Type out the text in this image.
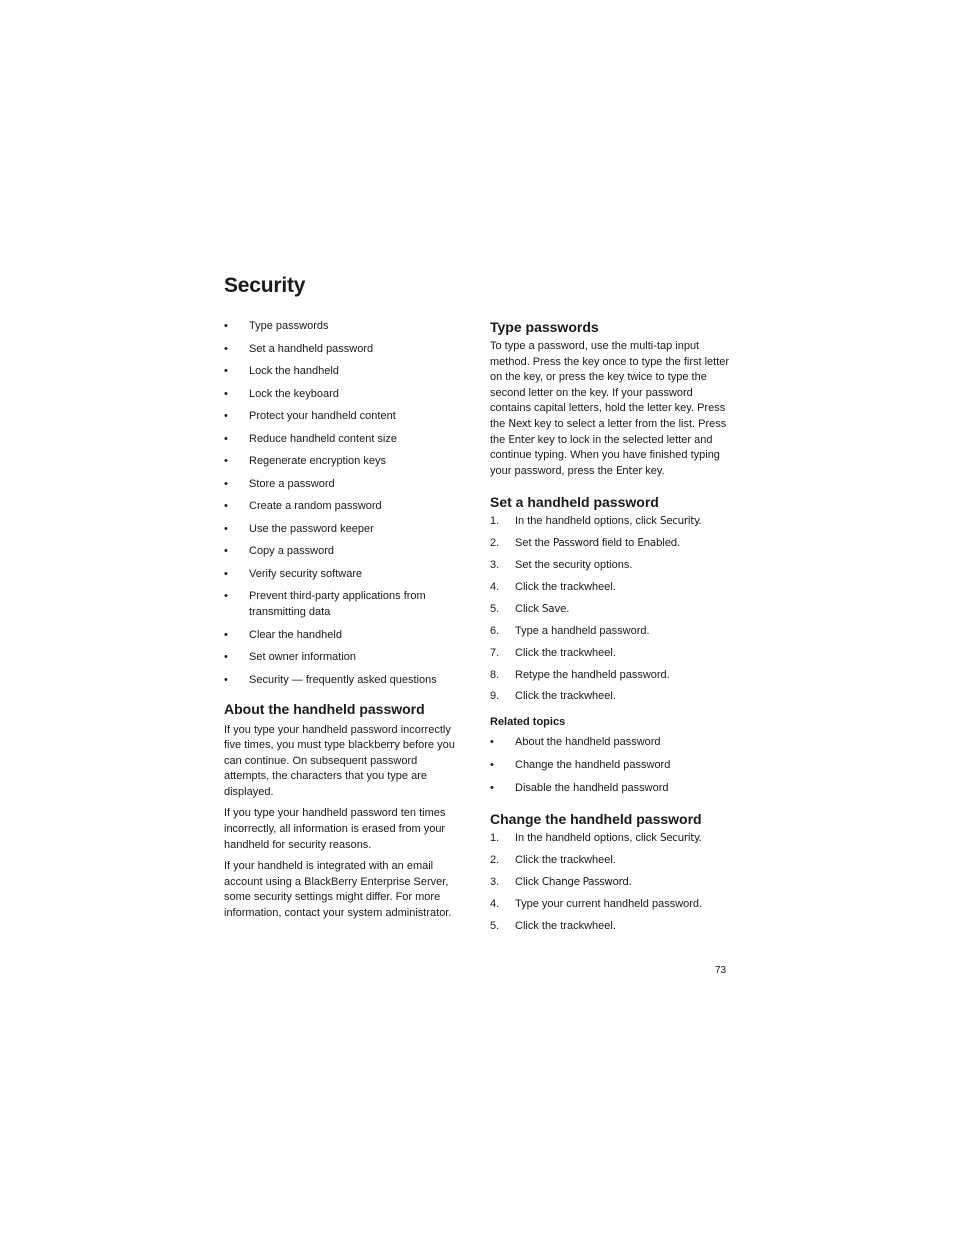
Security
• Type passwords
• Set a handheld password
• Lock the handheld
• Lock the keyboard
• Protect your handheld content
• Reduce handheld content size
• Regenerate encryption keys
• Store a password
• Create a random password
• Use the password keeper
• Copy a password
• Verify security software
• Prevent third-party applications from transmitting data
• Clear the handheld
• Set owner information
• Security — frequently asked questions
About the handheld password

If you type your handheld password incorrectly five times, you must type blackberry before you can continue. On subsequent password attempts, the characters that you type are displayed.

If you type your handheld password ten times incorrectly, all information is erased from your handheld for security reasons.

If your handheld is integrated with an email account using a BlackBerry Enterprise Server, some security settings might differ. For more information, contact your system administrator.

Type passwords

To type a password, use the multi-tap input method. Press the key once to type the first letter on the key, or press the key twice to type the second letter on the key. If your password contains capital letters, hold the letter key. Press the Next key to select a letter from the list. Press the Enter key to lock in the selected letter and continue typing. When you have finished typing your password, press the Enter key.

Set a handheld password
1. In the handheld options, click Security.
2. Set the Password field to Enabled.
3. Set the security options.
4. Click the trackwheel.
5. Click Save.
6. Type a handheld password.
7. Click the trackwheel.
8. Retype the handheld password.
9. Click the trackwheel.
Related topics
• About the handheld password
• Change the handheld password
• Disable the handheld password
Change the handheld password
1. In the handheld options, click Security.
2. Click the trackwheel.
3. Click Change Password.
4. Type your current handheld password.
5. Click the trackwheel.
73
